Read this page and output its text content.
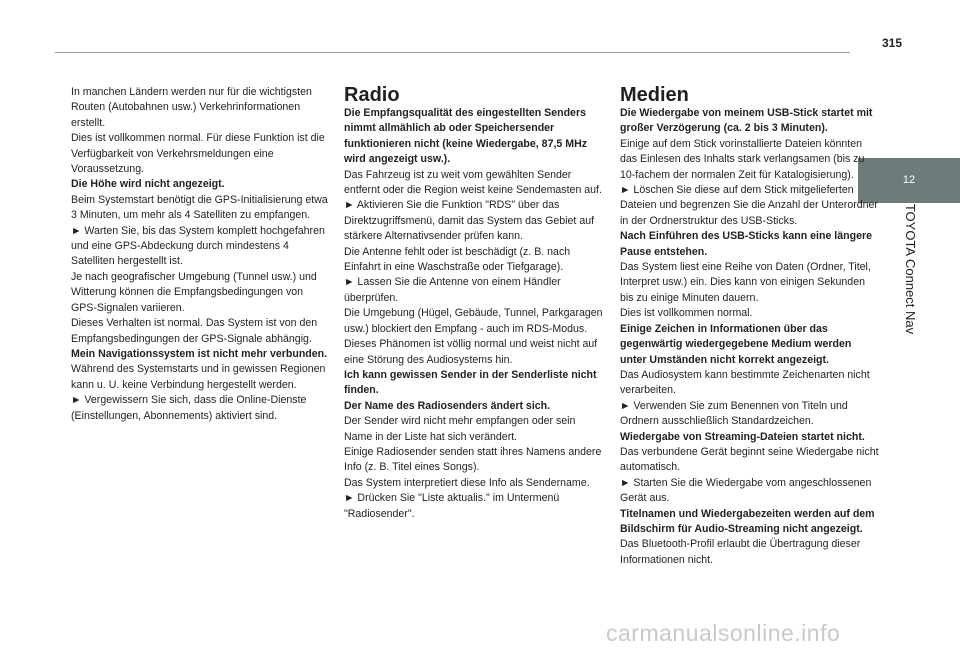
315
12
TOYOTA Connect Nav

In manchen Ländern werden nur für die wichtigsten Routen (Autobahnen usw.) Verkehrinformationen erstellt.

Dies ist vollkommen normal. Für diese Funktion ist die Verfügbarkeit von Verkehrsmeldungen eine Voraussetzung.

Die Höhe wird nicht angezeigt.

Beim Systemstart benötigt die GPS-Initialisierung etwa 3 Minuten, um mehr als 4 Satelliten zu empfangen.

► Warten Sie, bis das System komplett hochgefahren und eine GPS-Abdeckung durch mindestens 4 Satelliten hergestellt ist.

Je nach geografischer Umgebung (Tunnel usw.) und Witterung können die Empfangsbedingungen von GPS-Signalen variieren.

Dieses Verhalten ist normal. Das System ist von den Empfangsbedingungen der GPS-Signale abhängig.

Mein Navigationssystem ist nicht mehr verbunden.

Während des Systemstarts und in gewissen Regionen kann u. U. keine Verbindung hergestellt werden.

► Vergewissern Sie sich, dass die Online-Dienste (Einstellungen, Abonnements) aktiviert sind.

Radio

Die Empfangsqualität des eingestellten Senders nimmt allmählich ab oder Speichersender funktionieren nicht (keine Wiedergabe, 87,5 MHz wird angezeigt usw.).

Das Fahrzeug ist zu weit vom gewählten Sender entfernt oder die Region weist keine Sendemasten auf.

► Aktivieren Sie die Funktion "RDS" über das Direktzugriffsmenü, damit das System das Gebiet auf stärkere Alternativsender prüfen kann.

Die Antenne fehlt oder ist beschädigt (z. B. nach Einfahrt in eine Waschstraße oder Tiefgarage).

► Lassen Sie die Antenne von einem Händler überprüfen.

Die Umgebung (Hügel, Gebäude, Tunnel, Parkgaragen usw.) blockiert den Empfang - auch im RDS-Modus.

Dieses Phänomen ist völlig normal und weist nicht auf eine Störung des Audiosystems hin.

Ich kann gewissen Sender in der Senderliste nicht finden.

Der Name des Radiosenders ändert sich.

Der Sender wird nicht mehr empfangen oder sein Name in der Liste hat sich verändert.

Einige Radiosender senden statt ihres Namens andere Info (z. B. Titel eines Songs).

Das System interpretiert diese Info als Sendername.

► Drücken Sie "Liste aktualis." im Untermenü "Radiosender".

Medien

Die Wiedergabe von meinem USB-Stick startet mit großer Verzögerung (ca. 2 bis 3 Minuten).

Einige auf dem Stick vorinstallierte Dateien könnten das Einlesen des Inhalts stark verlangsamen (bis zu 10-fachem der normalen Zeit für Katalogisierung).

► Löschen Sie diese auf dem Stick mitgelieferten Dateien und begrenzen Sie die Anzahl der Unterordner in der Ordnerstruktur des USB-Sticks.

Nach Einführen des USB-Sticks kann eine längere Pause entstehen.

Das System liest eine Reihe von Daten (Ordner, Titel, Interpret usw.) ein. Dies kann von einigen Sekunden bis zu einige Minuten dauern.

Dies ist vollkommen normal.

Einige Zeichen in Informationen über das gegenwärtig wiedergegebene Medium werden unter Umständen nicht korrekt angezeigt.

Das Audiosystem kann bestimmte Zeichenarten nicht verarbeiten.

► Verwenden Sie zum Benennen von Titeln und Ordnern ausschließlich Standardzeichen.

Wiedergabe von Streaming-Dateien startet nicht.

Das verbundene Gerät beginnt seine Wiedergabe nicht automatisch.

► Starten Sie die Wiedergabe vom angeschlossenen Gerät aus.

Titelnamen und Wiedergabezeiten werden auf dem Bildschirm für Audio-Streaming nicht angezeigt.

Das Bluetooth-Profil erlaubt die Übertragung dieser Informationen nicht.

carmanualsonline.info
